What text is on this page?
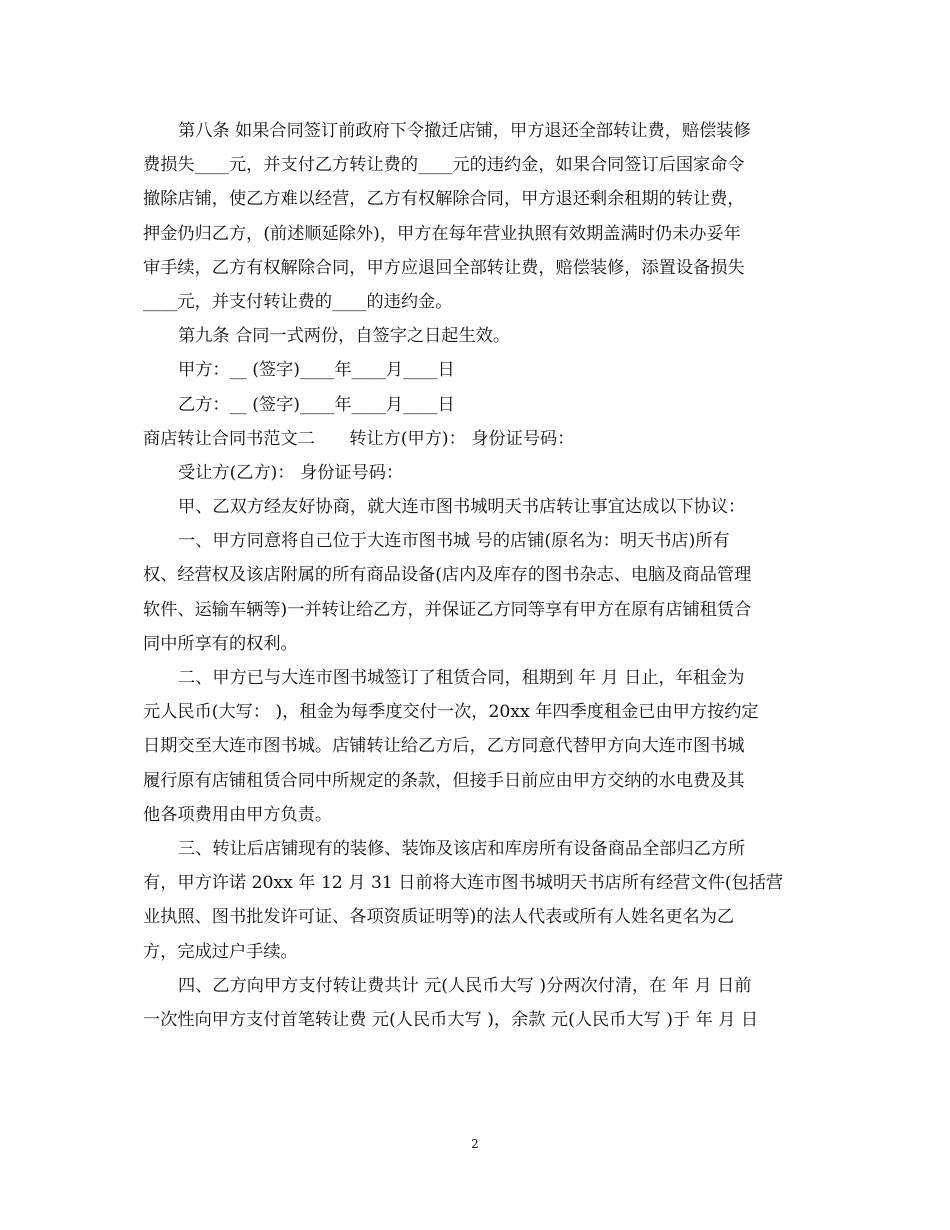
第八条 如果合同签订前政府下令撤迁店铺，甲方退还全部转让费，赔偿装修
费损失____元，并支付乙方转让费的____元的违约金，如果合同签订后国家命令
撤除店铺，使乙方难以经营，乙方有权解除合同，甲方退还剩余租期的转让费，
押金仍归乙方，(前述顺延除外)，甲方在每年营业执照有效期盖满时仍未办妥年
审手续，乙方有权解除合同，甲方应退回全部转让费，赔偿装修，添置设备损失
____元，并支付转让费的____的违约金。
第九条 合同一式两份，自签字之日起生效。
甲方：__ (签字)____年____月____日
乙方：__ (签字)____年____月____日
商店转让合同书范文二　　转让方(甲方)： 身份证号码：
受让方(乙方)： 身份证号码：
甲、乙双方经友好协商，就大连市图书城明天书店转让事宜达成以下协议：
一、甲方同意将自己位于大连市图书城 号的店铺(原名为：明天书店)所有
权、经营权及该店附属的所有商品设备(店内及库存的图书杂志、电脑及商品管理
软件、运输车辆等)一并转让给乙方，并保证乙方同等享有甲方在原有店铺租赁合
同中所享有的权利。
二、甲方已与大连市图书城签订了租赁合同，租期到 年 月 日止，年租金为
元人民币(大写： )，租金为每季度交付一次，20xx 年四季度租金已由甲方按约定
日期交至大连市图书城。店铺转让给乙方后，乙方同意代替甲方向大连市图书城
履行原有店铺租赁合同中所规定的条款，但接手日前应由甲方交纳的水电费及其
他各项费用由甲方负责。
三、转让后店铺现有的装修、装饰及该店和库房所有设备商品全部归乙方所
有，甲方许诺 20xx 年 12 月 31 日前将大连市图书城明天书店所有经营文件(包括营
业执照、图书批发许可证、各项资质证明等)的法人代表或所有人姓名更名为乙
方，完成过户手续。
四、乙方向甲方支付转让费共计 元(人民币大写 )分两次付清，在 年 月 日前
一次性向甲方支付首笔转让费 元(人民币大写 )，余款 元(人民币大写 )于 年 月 日
2
